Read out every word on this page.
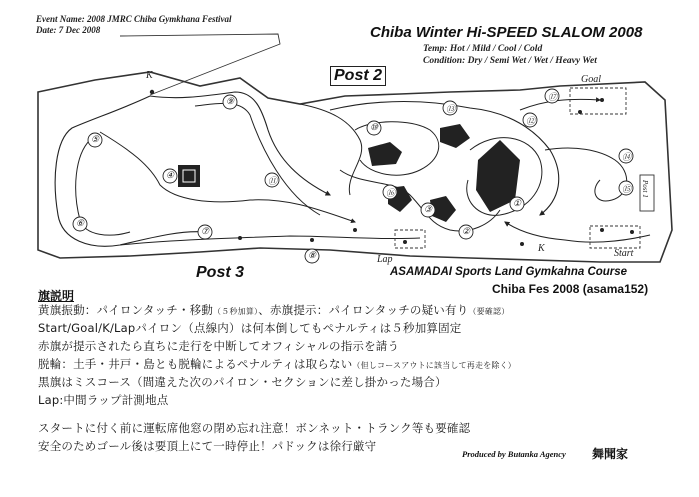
Event Name: 2008 JMRC Chiba Gymkhana Festival
Date: 7 Dec 2008	Chiba Winter Hi-SPEED SLALOM 2008
Temp: Hot / Mild / Cool / Cold
Condition: Dry / Semi Wet / Wet / Heavy Wet
Post 2
Post 3
Goal
Start
Lap
K
K
Post 1
⑨
⑤
⑥
④
⑪
⑦
⑧
⑩
⑬
⑫
⑰
⑭
⑮
①
②
③
⑯
ASAMADAI Sports Land Gymkahna Course
Chiba Fes 2008 (asama152)
旗説明
黄旗振動：パイロンタッチ・移動（５秒加算）、赤旗提示：パイロンタッチの疑い有り（要確認）
Start/Goal/K/Lapパイロン（点線内）は何本倒してもペナルティは５秒加算固定
赤旗が提示されたら直ちに走行を中断してオフィシャルの指示を請う
脱輪：土手・井戸・島とも脱輪によるペナルティは取らない（但しコースアウトに該当して再走を除く）
黒旗はミスコース（間違えた次のパイロン・セクションに差し掛かった場合）
Lap:中間ラップ計測地点
スタートに付く前に運転席他窓の閉め忘れ注意！ボンネット・トランク等も要確認
安全のためゴール後は要頂上にて一時停止！パドックは徐行厳守
Produced by Butanka Agency 舞聞家
